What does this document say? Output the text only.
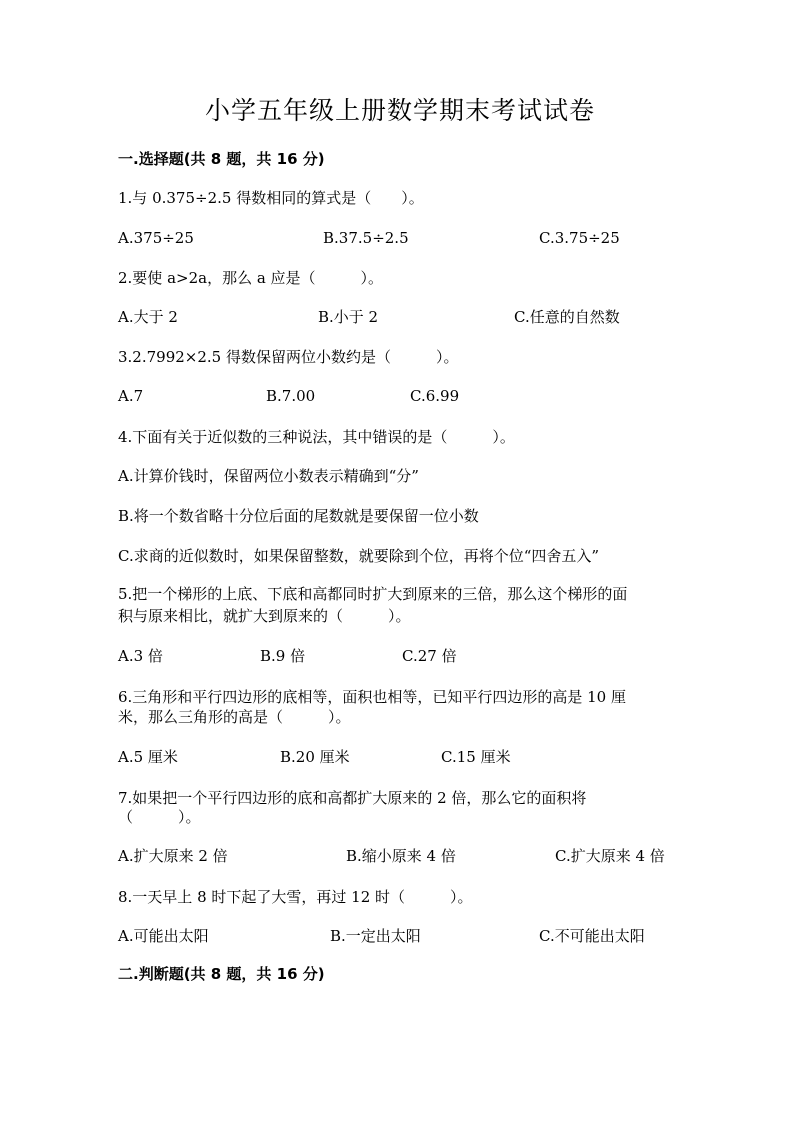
小学五年级上册数学期末考试试卷
一.选择题(共 8 题，共 16 分)
1.与 0.375÷2.5 得数相同的算式是（　　）。
A.375÷25	B.37.5÷2.5	C.3.75÷25
2.要使 a>2a，那么 a 应是（　　　）。
A.大于 2	B.小于 2	C.任意的自然数
3.2.7992×2.5 得数保留两位小数约是（　　　）。
A.7	B.7.00	C.6.99
4.下面有关于近似数的三种说法，其中错误的是（　　　）。
A.计算价钱时，保留两位小数表示精确到“分”
B.将一个数省略十分位后面的尾数就是要保留一位小数
C.求商的近似数时，如果保留整数，就要除到个位，再将个位“四舍五入”
5.把一个梯形的上底、下底和高都同时扩大到原来的三倍，那么这个梯形的面
积与原来相比，就扩大到原来的（　　　）。
A.3 倍	B.9 倍	C.27 倍
6.三角形和平行四边形的底相等，面积也相等，已知平行四边形的高是 10 厘
米，那么三角形的高是（　　　）。
A.5 厘米	B.20 厘米	C.15 厘米
7.如果把一个平行四边形的底和高都扩大原来的 2 倍，那么它的面积将
（　　　）。
A.扩大原来 2 倍	B.缩小原来 4 倍	C.扩大原来 4 倍
8.一天早上 8 时下起了大雪，再过 12 时（　　　）。
A.可能出太阳	B.一定出太阳	C.不可能出太阳
二.判断题(共 8 题，共 16 分)
